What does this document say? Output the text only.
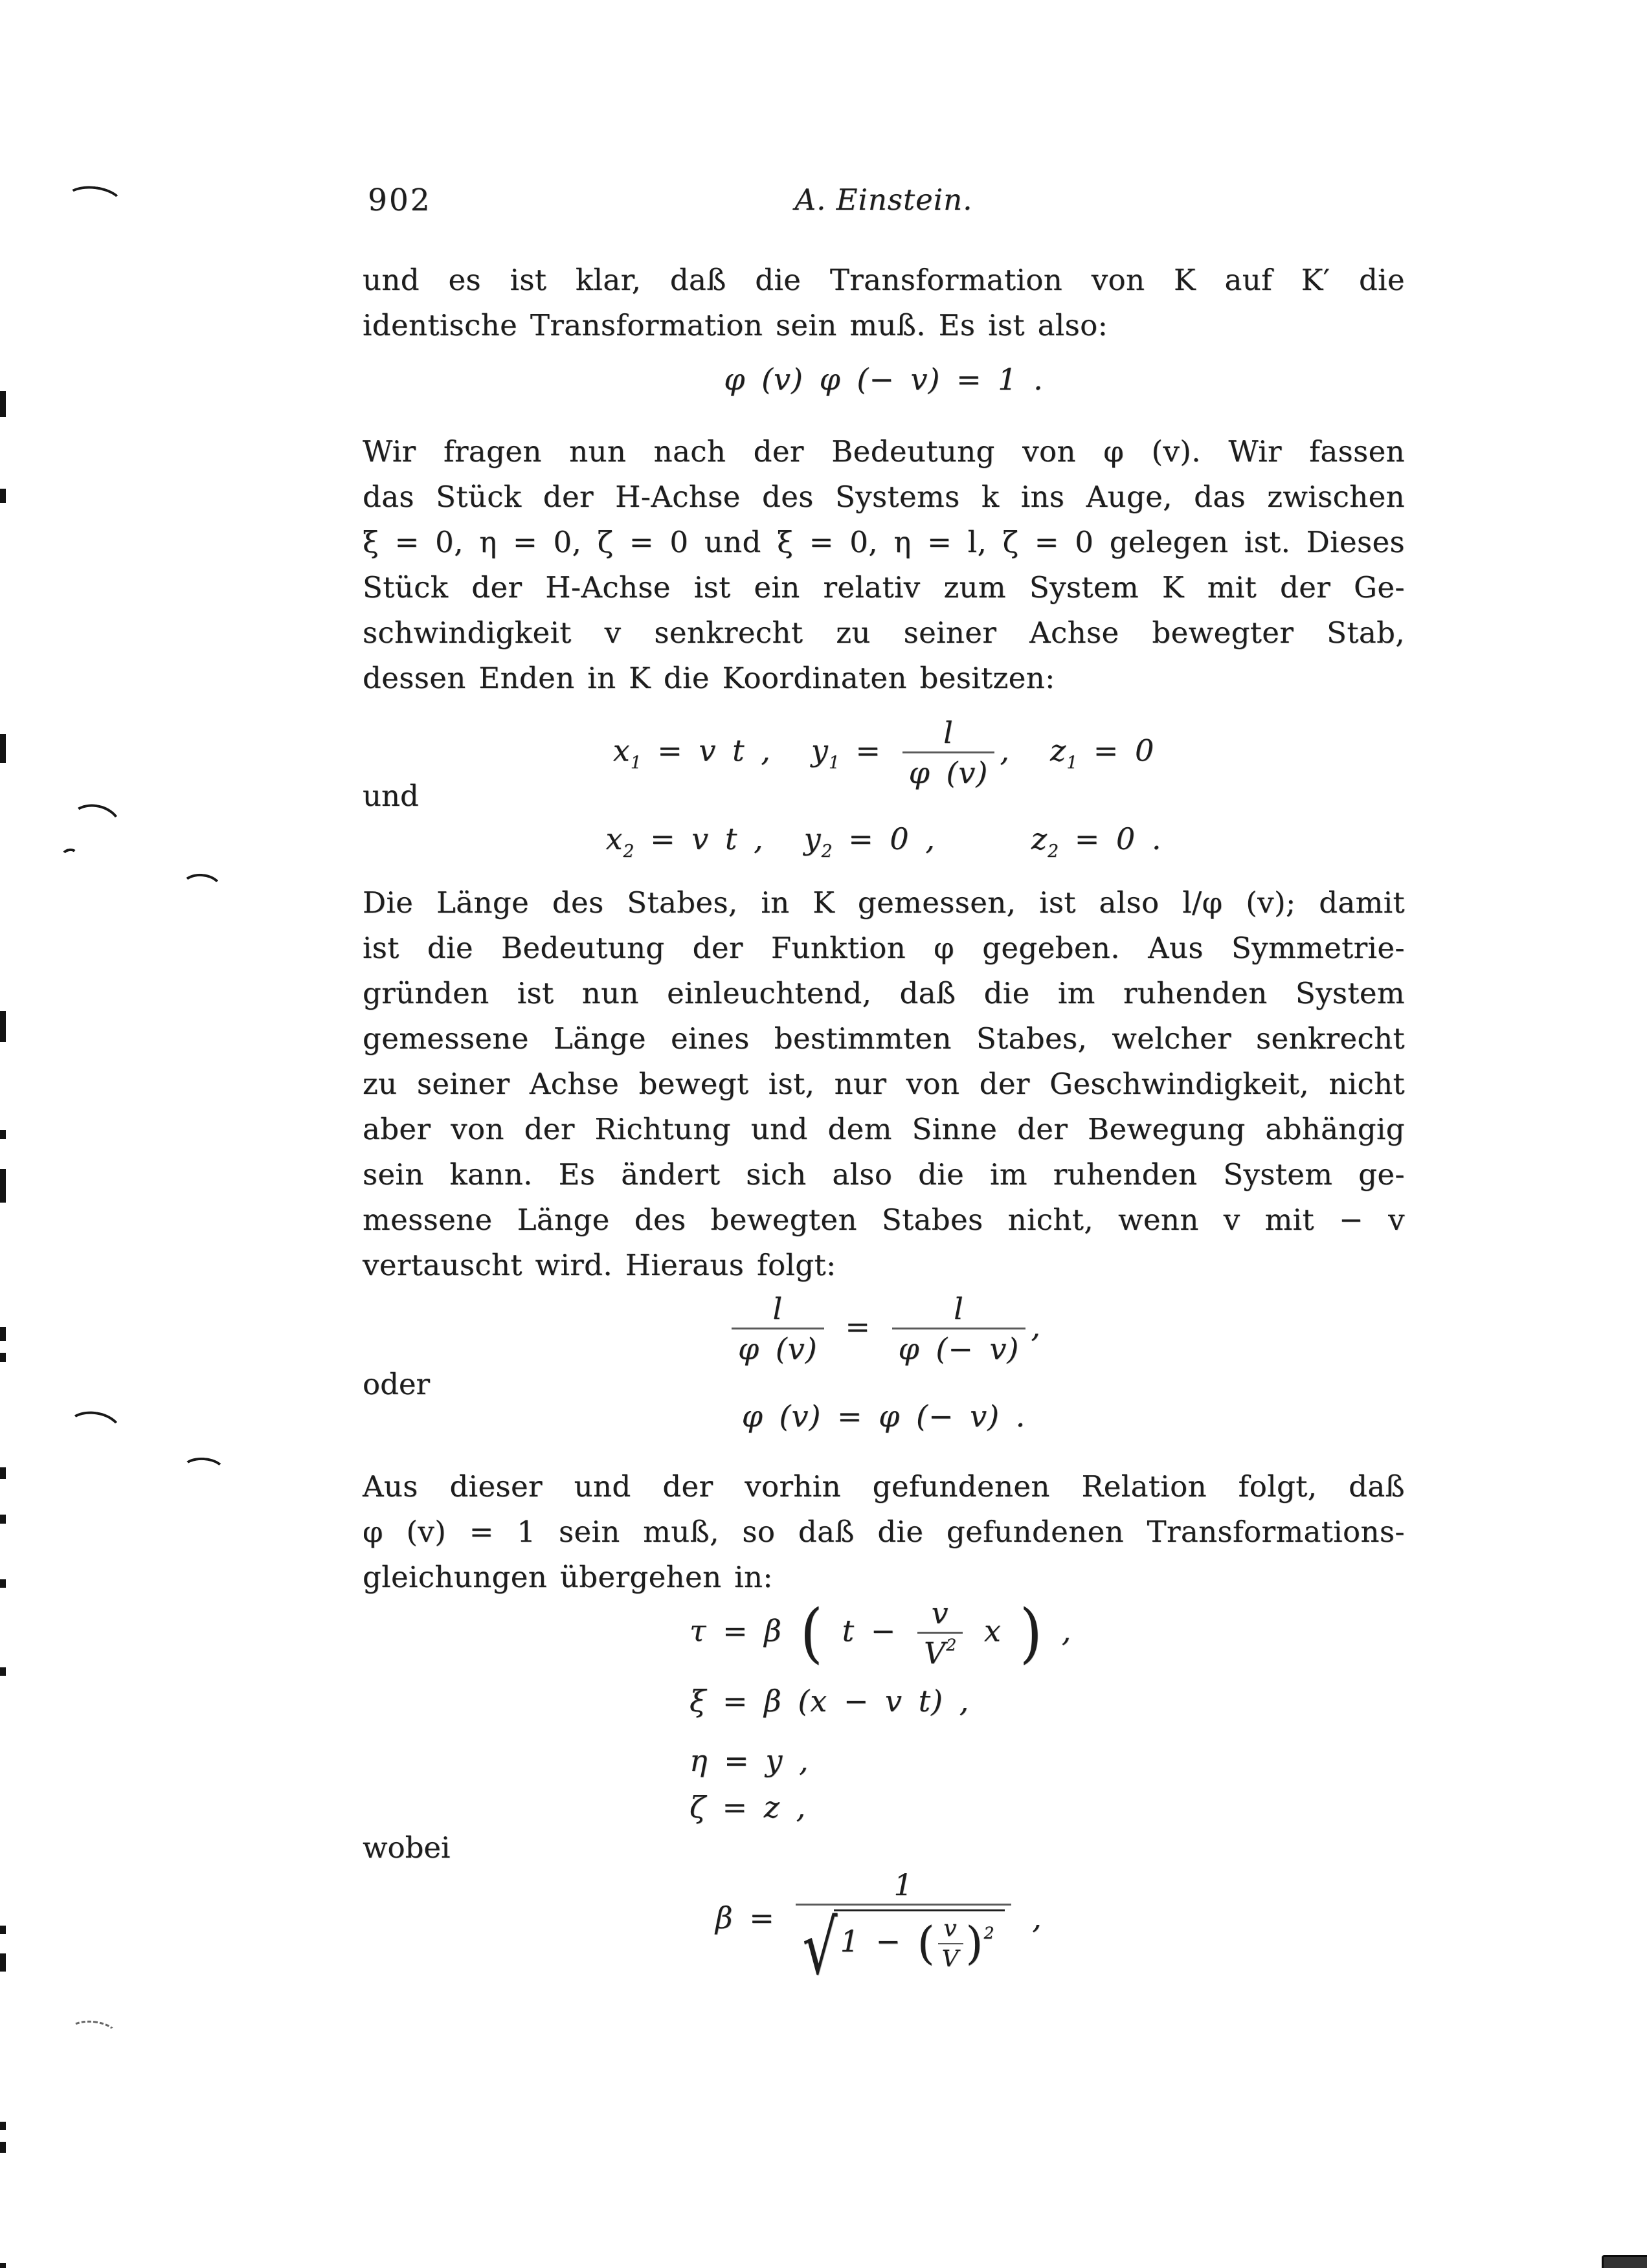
902	A. Einstein.
und es ist klar, daß die Transformation von K auf K′ die
identische Transformation sein muß. Es ist also:
φ (v) φ (− v) = 1 .
Wir fragen nun nach der Bedeutung von φ (v). Wir fassen
das Stück der H-Achse des Systems k ins Auge, das zwischen
ξ = 0, η = 0, ζ = 0 und ξ = 0, η = l, ζ = 0 gelegen ist. Dieses
Stück der H-Achse ist ein relativ zum System K mit der Ge-
schwindigkeit v senkrecht zu seiner Achse bewegter Stab,
dessen Enden in K die Koordinaten besitzen:
$x_1 = v$ t , $y_1 = \frac{l}{\varphi (v)}$ , $z_1 = 0$
und
$x_2 = v$ t , $y_2 = 0$ ,	$z_2 = 0$ .
Die Länge des Stabes, in K gemessen, ist also l/φ (v); damit
ist die Bedeutung der Funktion φ gegeben. Aus Symmetrie-
gründen ist nun einleuchtend, daß die im ruhenden System
gemessene Länge eines bestimmten Stabes, welcher senkrecht
zu seiner Achse bewegt ist, nur von der Geschwindigkeit, nicht
aber von der Richtung und dem Sinne der Bewegung abhängig
sein kann. Es ändert sich also die im ruhenden System ge-
messene Länge des bewegten Stabes nicht, wenn v mit − v
vertauscht wird. Hieraus folgt:
$\frac{l}{\varphi (v)} = \frac{l}{\varphi (- v)}$ ,
oder
φ (v) = φ (− v) .
Aus dieser und der vorhin gefundenen Relation folgt, daß
φ (v) = 1 sein muß, so daß die gefundenen Transformations-
gleichungen übergehen in:
τ = β ( $t - \frac{v}{V^2}$ x ) ,
ξ = β (x − v t) ,
η = y ,
ζ = z ,
wobei
$\beta = \frac{1}{√1 - ( \frac{v}{V} )^2}$ ,
